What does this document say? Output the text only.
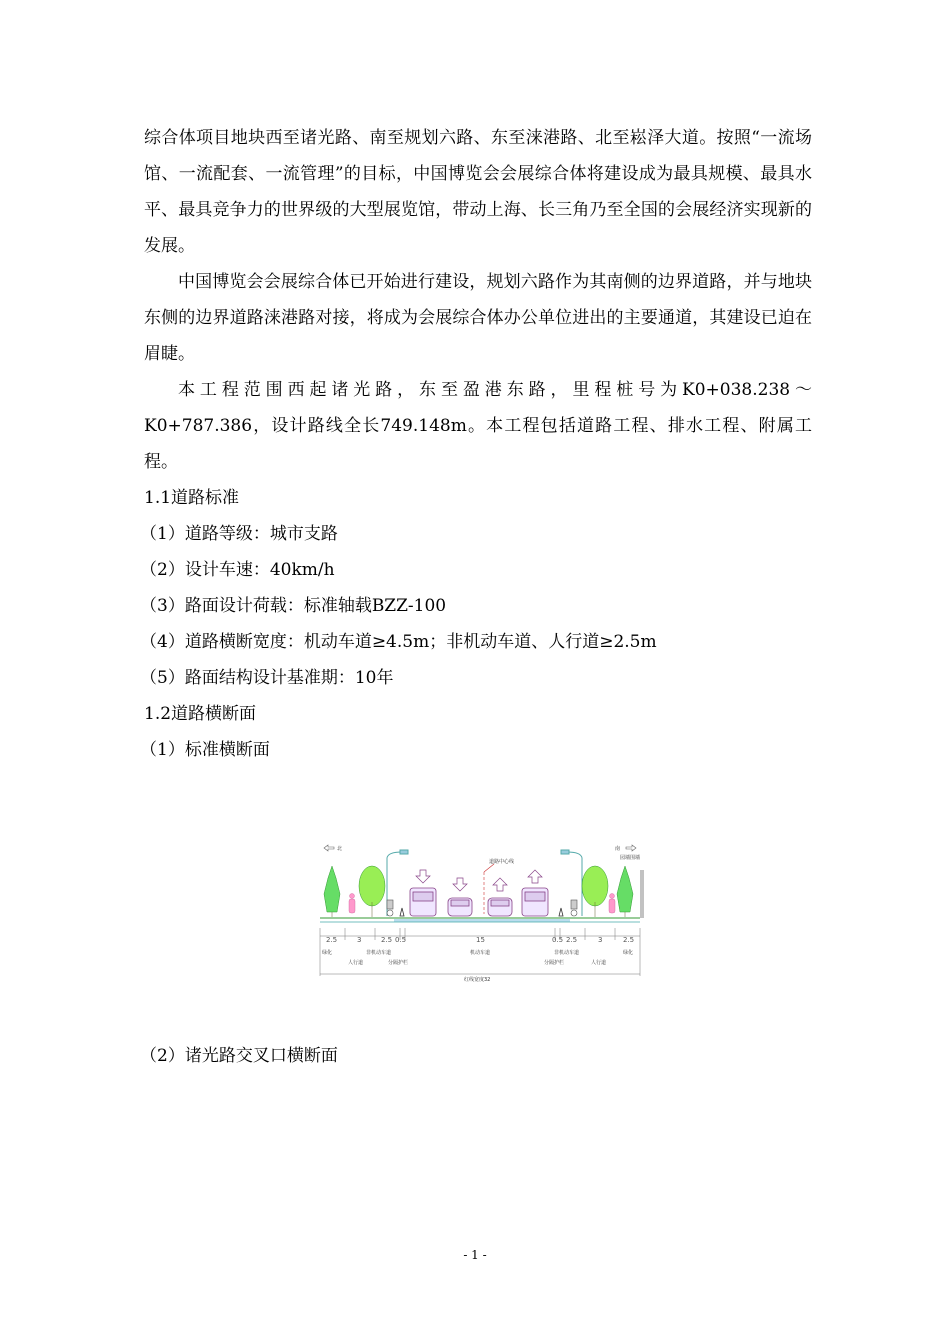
综合体项目地块西至诸光路、南至规划六路、东至涞港路、北至崧泽大道。按照“一流场馆、一流配套、一流管理”的目标，中国博览会会展综合体将建设成为最具规模、最具水平、最具竞争力的世界级的大型展览馆，带动上海、长三角乃至全国的会展经济实现新的发展。

中国博览会会展综合体已开始进行建设，规划六路作为其南侧的边界道路，并与地块东侧的边界道路涞港路对接，将成为会展综合体办公单位进出的主要通道，其建设已迫在眉睫。

本工程范围西起诸光路，东至盈港东路，里程桩号为K0+038.238～K0+787.386，设计路线全长749.148m。本工程包括道路工程、排水工程、附属工程。

1.1道路标准

（1）道路等级：城市支路

（2）设计车速：40km/h

（3）路面设计荷载：标准轴载BZZ-100

（4）道路横断宽度：机动车道≥4.5m；非机动车道、人行道≥2.5m

（5）路面结构设计基准期：10年

1.2道路横断面

（1）标准横断面

北	南
道路中心线
园墙围墙
2.5	3	2.5 0.5	15	0.5 2.5	3	2.5
绿化	非机动车道	机动车道	非机动车道	绿化
人行道	分隔护栏	分隔护栏	人行道
红线宽度32
（2）诸光路交叉口横断面
- 1 -
